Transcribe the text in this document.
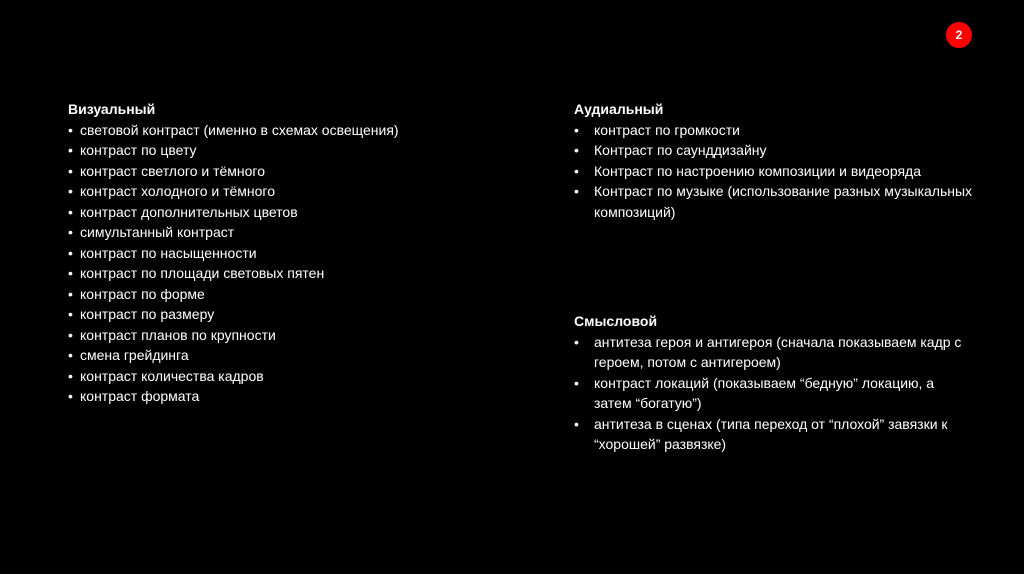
2

Визуальный

• световой контраст (именно в схемах освещения)
• контраст по цвету
• контраст светлого и тёмного
• контраст холодного и тёмного
• контраст дополнительных цветов
• симультанный контраст
• контраст по насыщенности
• контраст по площади световых пятен
• контраст по форме
• контраст по размеру
• контраст планов по крупности
• смена грейдинга
• контраст количества кадров
• контраст формата

Аудиальный

• контраст по громкости
• Контраст по саунддизайну
• Контраст по настроению композиции и видеоряда
• Контраст по музыке (использование разных музыкальных композиций)

Смысловой

• антитеза героя и антигероя (сначала показываем кадр с героем, потом с антигероем)
• контраст локаций (показываем “бедную” локацию, а затем “богатую”)
• антитеза в сценах (типа переход от “плохой” завязки к “хорошей” развязке)
